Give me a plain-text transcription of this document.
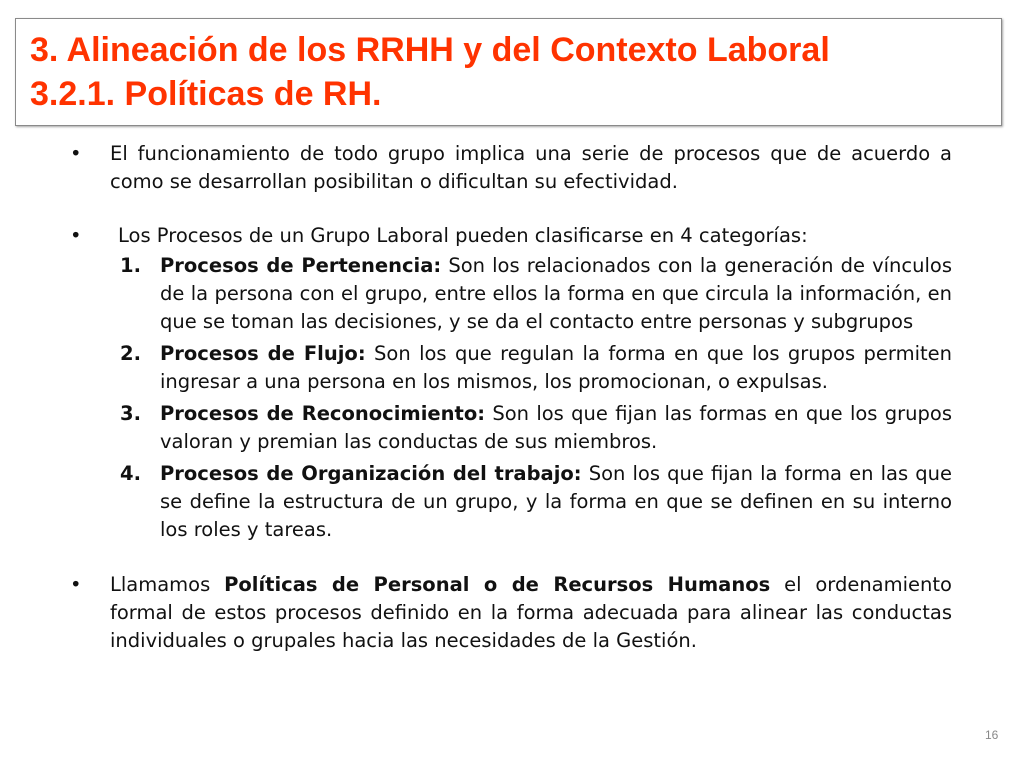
3. Alineación de los RRHH y del Contexto Laboral
3.2.1. Políticas de RH.
• El funcionamiento de todo grupo implica una serie de procesos que de acuerdo a como se desarrollan posibilitan o dificultan su efectividad.
•	Los Procesos de un Grupo Laboral pueden clasificarse en 4 categorías:
1. Procesos de Pertenencia: Son los relacionados con la generación de vínculos de la persona con el grupo, entre ellos la forma en que circula la información, en que se toman las decisiones, y se da el contacto entre personas y subgrupos
2. Procesos de Flujo: Son los que regulan la forma en que los grupos permiten ingresar a una persona en los mismos, los promocionan, o expulsas.
3. Procesos de Reconocimiento: Son los que fijan las formas en que los grupos valoran y premian las conductas de sus miembros.
4. Procesos de Organización del trabajo: Son los que fijan la forma en las que se define la estructura de un grupo, y la forma en que se definen en su interno los roles y tareas.
• Llamamos Políticas de Personal o de Recursos Humanos el ordenamiento formal de estos procesos definido en la forma adecuada para alinear las conductas individuales o grupales hacia las necesidades de la Gestión.
16
